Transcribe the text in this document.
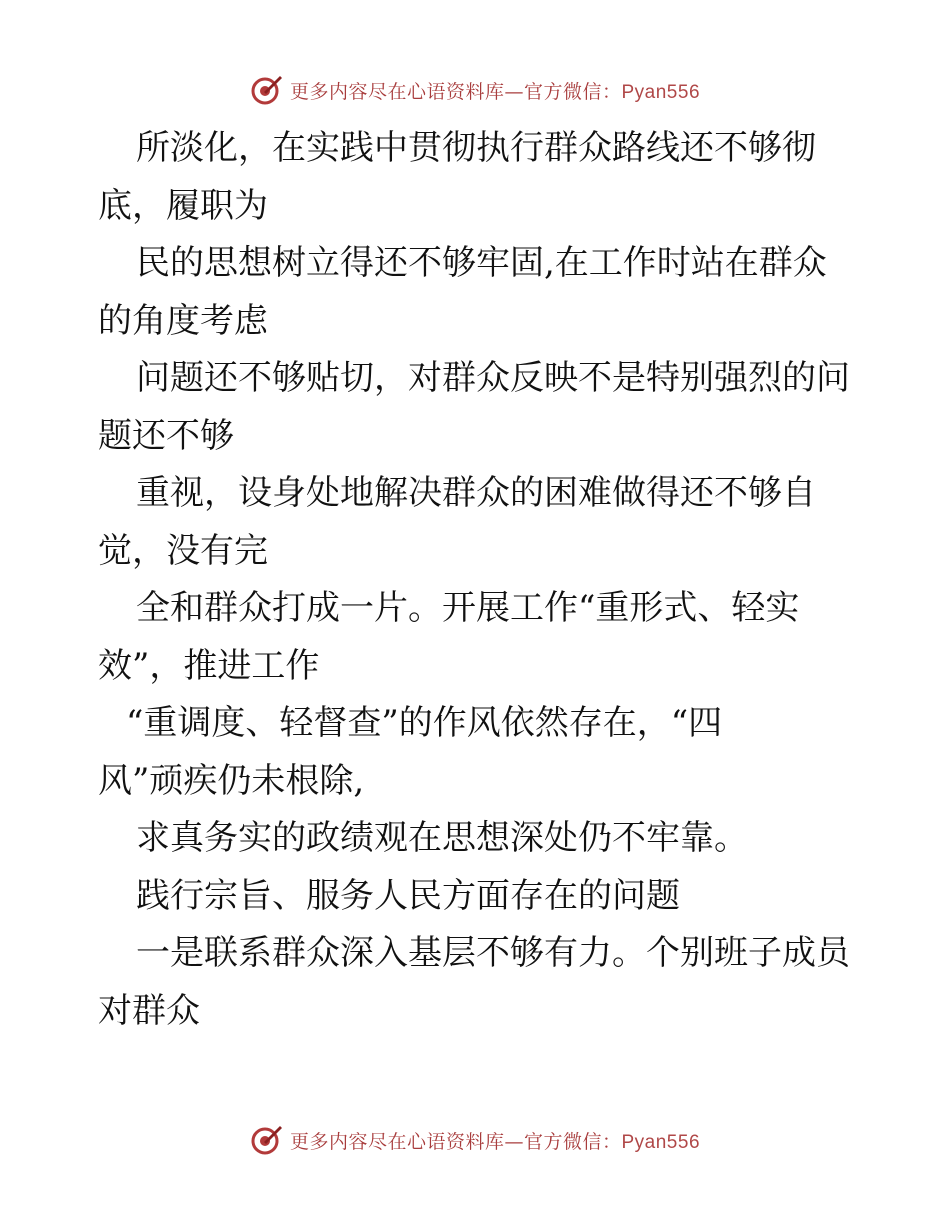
更多内容尽在心语资料库—官方微信：Pyan556
所淡化，在实践中贯彻执行群众路线还不够彻
底，履职为
民的思想树立得还不够牢固,在工作时站在群众
的角度考虑
问题还不够贴切，对群众反映不是特别强烈的问
题还不够
重视，设身处地解决群众的困难做得还不够自
觉，没有完
全和群众打成一片。开展工作“重形式、轻实
效”，推进工作
“重调度、轻督查”的作风依然存在，“四
风”顽疾仍未根除,
求真务实的政绩观在思想深处仍不牢靠。
践行宗旨、服务人民方面存在的问题
一是联系群众深入基层不够有力。个别班子成员
对群众
更多内容尽在心语资料库—官方微信：Pyan556
